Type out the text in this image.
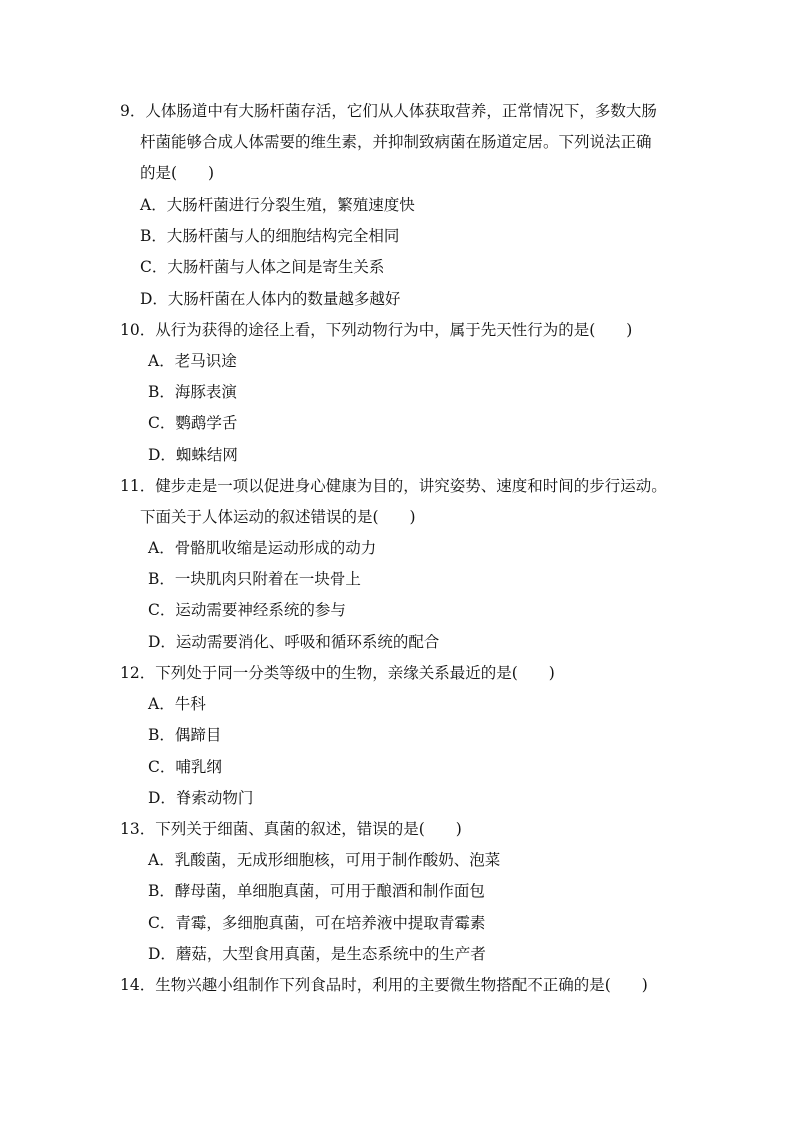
9．人体肠道中有大肠杆菌存活，它们从人体获取营养，正常情况下，多数大肠
杆菌能够合成人体需要的维生素，并抑制致病菌在肠道定居。下列说法正确
的是(　　)
A．大肠杆菌进行分裂生殖，繁殖速度快
B．大肠杆菌与人的细胞结构完全相同
C．大肠杆菌与人体之间是寄生关系
D．大肠杆菌在人体内的数量越多越好
10．从行为获得的途径上看，下列动物行为中，属于先天性行为的是(　　)
A．老马识途
B．海豚表演
C．鹦鹉学舌
D．蜘蛛结网
11．健步走是一项以促进身心健康为目的，讲究姿势、速度和时间的步行运动。
下面关于人体运动的叙述错误的是(　　)
A．骨骼肌收缩是运动形成的动力
B．一块肌肉只附着在一块骨上
C．运动需要神经系统的参与
D．运动需要消化、呼吸和循环系统的配合
12．下列处于同一分类等级中的生物，亲缘关系最近的是(　　)
A．牛科
B．偶蹄目
C．哺乳纲
D．脊索动物门
13．下列关于细菌、真菌的叙述，错误的是(　　)
A．乳酸菌，无成形细胞核，可用于制作酸奶、泡菜
B．酵母菌，单细胞真菌，可用于酿酒和制作面包
C．青霉，多细胞真菌，可在培养液中提取青霉素
D．蘑菇，大型食用真菌，是生态系统中的生产者
14．生物兴趣小组制作下列食品时，利用的主要微生物搭配不正确的是(　　)
